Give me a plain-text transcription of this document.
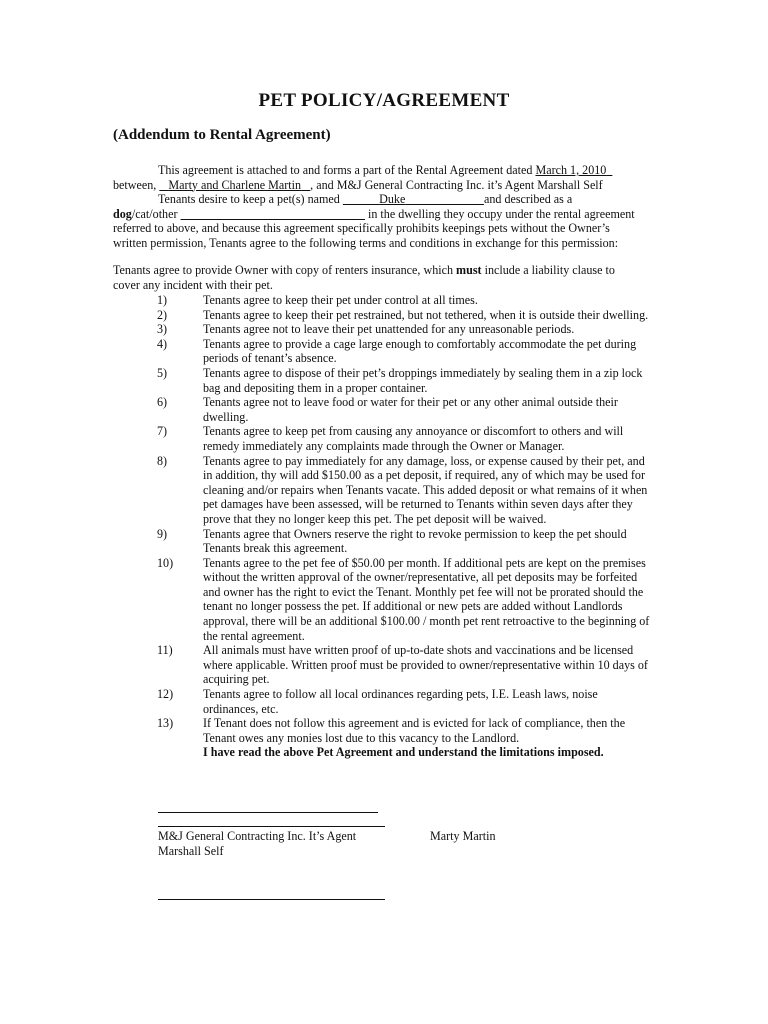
PET POLICY/AGREEMENT
(Addendum to Rental Agreement)
This agreement is attached to and forms a part of the Rental Agreement dated March 1, 2010
between,    Marty and Charlene Martin , and M&J General Contracting Inc. it’s Agent Marshall Self
Tenants desire to keep a pet(s) named	Duke	and described as a
dog/cat/other	in the dwelling they occupy under the rental agreement
referred to above, and because this agreement specifically prohibits keepings pets without the Owner’s
written permission, Tenants agree to the following terms and conditions in exchange for this permission:
Tenants agree to provide Owner with copy of renters insurance, which must include a liability clause to cover any incident with their pet.
1)	Tenants agree to keep their pet under control at all times.
2)	Tenants agree to keep their pet restrained, but not tethered, when it is outside their dwelling.
3)	Tenants agree not to leave their pet unattended for any unreasonable periods.
4)	Tenants agree to provide a cage large enough to comfortably accommodate the pet during periods of tenant’s absence.
5)	Tenants agree to dispose of their pet’s droppings immediately by sealing them in a zip lock bag and depositing them in a proper container.
6)	Tenants agree not to leave food or water for their pet or any other animal outside their dwelling.
7)	Tenants agree to keep pet from causing any annoyance or discomfort to others and will remedy immediately any complaints made through the Owner or Manager.
8)	Tenants agree to pay immediately for any damage, loss, or expense caused by their pet, and in addition, thy will add $150.00 as a pet deposit, if required, any of which may be used for cleaning and/or repairs when Tenants vacate. This added deposit or what remains of it when pet damages have been assessed, will be returned to Tenants within seven days after they prove that they no longer keep this pet. The pet deposit will be waived.
9)	Tenants agree that Owners reserve the right to revoke permission to keep the pet should Tenants break this agreement.
10) Tenants agree to the pet fee of $50.00 per month. If additional pets are kept on the premises without the written approval of the owner/representative, all pet deposits may be forfeited and owner has the right to evict the Tenant. Monthly pet fee will not be prorated should the tenant no longer possess the pet. If additional or new pets are added without Landlords approval, there will be an additional $100.00 / month pet rent retroactive to the beginning of the rental agreement.
11)	All animals must have written proof of up-to-date shots and vaccinations and be licensed where applicable. Written proof must be provided to owner/representative within 10 days of acquiring pet.
12) Tenants agree to follow all local ordinances regarding pets, I.E. Leash laws, noise ordinances, etc.
13) If Tenant does not follow this agreement and is evicted for lack of compliance, then the Tenant owes any monies lost due to this vacancy to the Landlord.
I have read the above Pet Agreement and understand the limitations imposed.
M&J General Contracting Inc. It’s Agent
Marshall Self
Marty Martin
